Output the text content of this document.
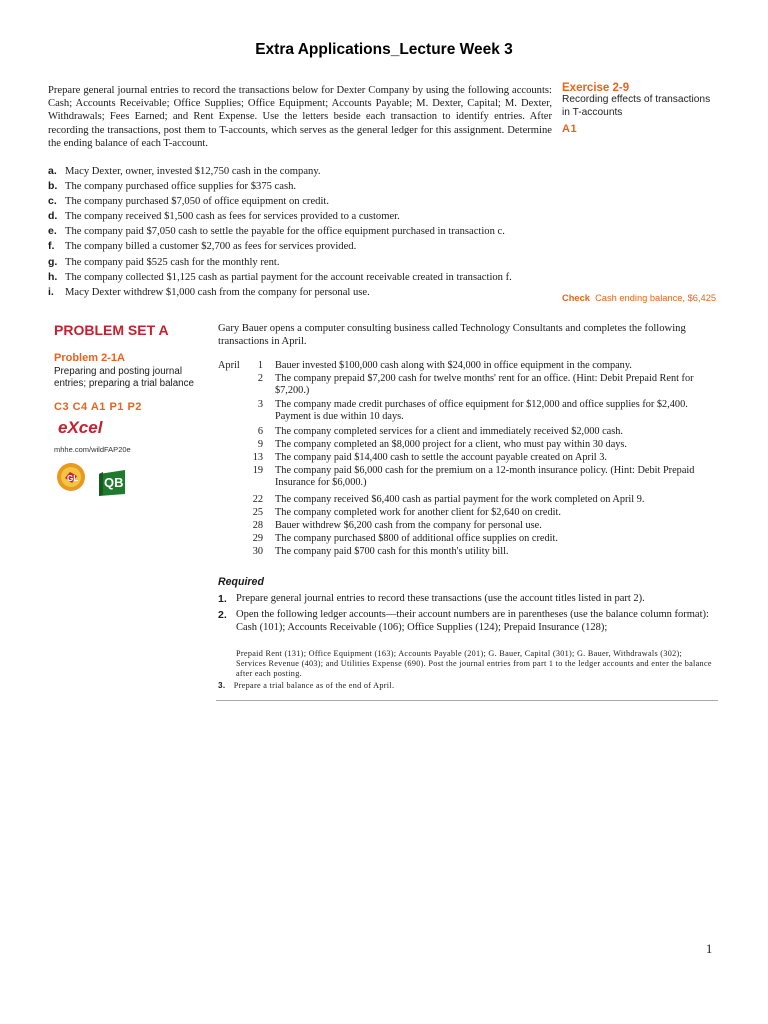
Extra Applications_Lecture Week 3
Prepare general journal entries to record the transactions below for Dexter Company by using the following accounts: Cash; Accounts Receivable; Office Supplies; Office Equipment; Accounts Payable; M. Dexter, Capital; M. Dexter, Withdrawals; Fees Earned; and Rent Expense. Use the letters beside each transaction to identify entries. After recording the transactions, post them to T-accounts, which serves as the general ledger for this assignment. Determine the ending balance of each T-account.
a. Macy Dexter, owner, invested $12,750 cash in the company.
b. The company purchased office supplies for $375 cash.
c. The company purchased $7,050 of office equipment on credit.
d. The company received $1,500 cash as fees for services provided to a customer.
e. The company paid $7,050 cash to settle the payable for the office equipment purchased in transaction c.
f. The company billed a customer $2,700 as fees for services provided.
g. The company paid $525 cash for the monthly rent.
h. The company collected $1,125 cash as partial payment for the account receivable created in transaction f.
i. Macy Dexter withdrew $1,000 cash from the company for personal use.
Exercise 2-9
Recording effects of transactions
in T-accounts
A1
Check Cash ending balance, $6,425
PROBLEM SET A
Problem 2-1A
Preparing and posting journal
entries; preparing a trial balance
C3 C4 A1 P1 P2
eXcel
mhhe.com/wildFAP20e
GL QB
Gary Bauer opens a computer consulting business called Technology Consultants and completes the following transactions in April.
April	1 Bauer invested $100,000 cash along with $24,000 in office equipment in the company.
2 The company prepaid $7,200 cash for twelve months' rent for an office. (Hint: Debit Prepaid Rent for $7,200.)
3 The company made credit purchases of office equipment for $12,000 and office supplies for $2,400. Payment is due within 10 days.
6 The company completed services for a client and immediately received $2,000 cash.
9 The company completed an $8,000 project for a client, who must pay within 30 days.
13 The company paid $14,400 cash to settle the account payable created on April 3.
19 The company paid $6,000 cash for the premium on a 12-month insurance policy. (Hint: Debit Prepaid Insurance for $6,000.)
22 The company received $6,400 cash as partial payment for the work completed on April 9.
25 The company completed work for another client for $2,640 on credit.
28 Bauer withdrew $6,200 cash from the company for personal use.
29 The company purchased $800 of additional office supplies on credit.
30 The company paid $700 cash for this month's utility bill.
Required
1. Prepare general journal entries to record these transactions (use the account titles listed in part 2).
2. Open the following ledger accounts—their account numbers are in parentheses (use the balance column format): Cash (101); Accounts Receivable (106); Office Supplies (124); Prepaid Insurance (128);
Prepaid Rent (131); Office Equipment (163); Accounts Payable (201); G. Bauer, Capital (301); G. Bauer, Withdrawals (302); Services Revenue (403); and Utilities Expense (690). Post the journal entries from part 1 to the ledger accounts and enter the balance after each posting.
3. Prepare a trial balance as of the end of April.
1
